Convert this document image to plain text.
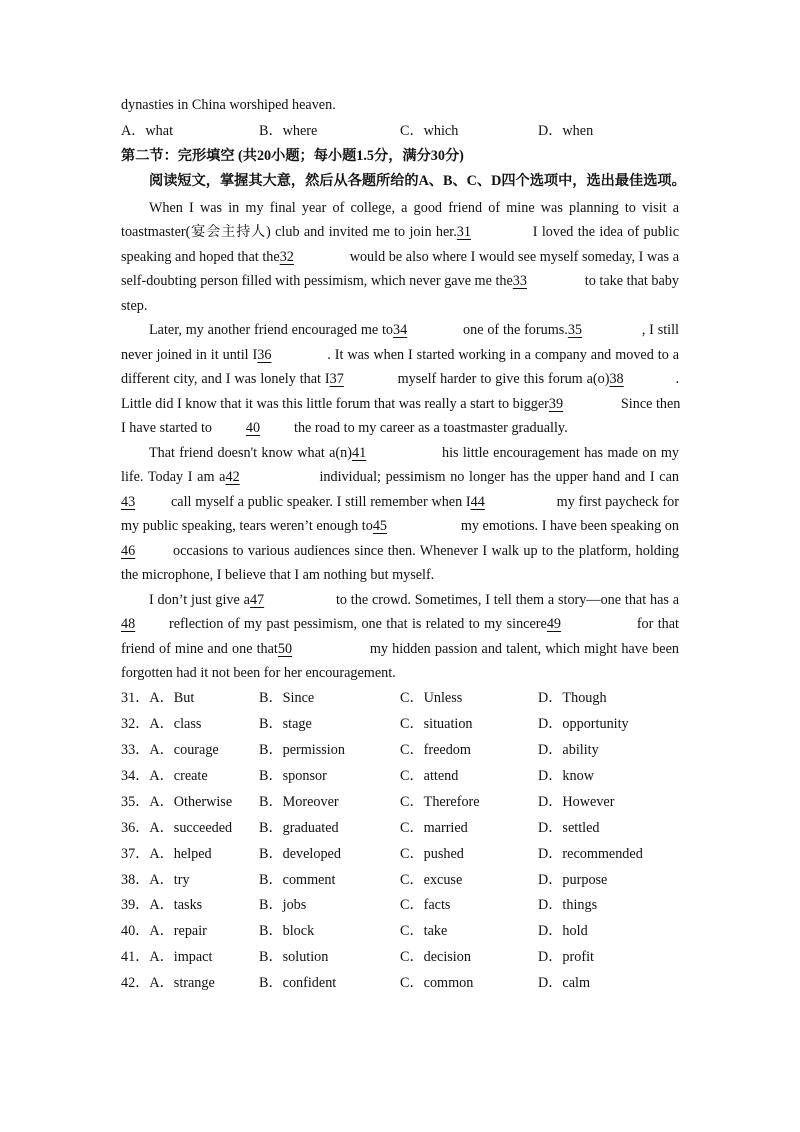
dynasties in China worshiped heaven.
A．what	B．where	C．which	D．when
第二节：完形填空 (共20小题；每小题1.5分，满分30分)
阅读短文，掌握其大意，然后从各题所给的A、B、C、D四个选项中，选出最佳选项。
When I was in my final year of college, a good friend of mine was planning to visit a
toastmaster(宴会主持人) club and invited me to join her.31	I loved the idea of public
speaking and hoped that the32	would be also where I would see myself someday, I was a
self-doubting person filled with pessimism, which never gave me the33	to take that baby
step.
Later, my another friend encouraged me to34	one of the forums.35	, I still
never joined in it until I36	. It was when I started working in a company and moved to a
different city, and I was lonely that I37	myself harder to give this forum a(o)38	.
Little did I know that it was this little forum that was really a start to bigger39	Since then
I have started to 40 the road to my career as a toastmaster gradually.
That friend doesn't know what a(n)41	his little encouragement has made on my
life. Today I am a42	individual; pessimism no longer has the upper hand and I can
43	call myself a public speaker. I still remember when I44	my first paycheck for
my public speaking, tears weren’t enough to45	my emotions. I have been speaking on
46	occasions to various audiences since then. Whenever I walk up to the platform, holding
the microphone, I believe that I am nothing but myself.
I don’t just give a47	to the crowd. Sometimes, I tell them a story—one that has a
48 reflection of my past pessimism, one that is related to my sincere49	for that
friend of mine and one that50	my hidden passion and talent, which might have been
forgotten had it not been for her encouragement.
31．A．But	B．Since	C．Unless	D．Though
32．A．class	B．stage	C．situation	D．opportunity
33．A．courage	B．permission	C．freedom	D．ability
34．A．create	B．sponsor	C．attend	D．know
35．A．Otherwise B．Moreover	C．Therefore	D．However
36．A．succeeded B．graduated	C．married	D．settled
37．A．helped	B．developed	C．pushed	D．recommended
38．A．try	B．comment	C．excuse	D．purpose
39．A．tasks	B．jobs	C．facts	D．things
40．A．repair	B．block	C．take	D．hold
41．A．impact	B．solution	C．decision	D．profit
42．A．strange	B．confident	C．common	D．calm
